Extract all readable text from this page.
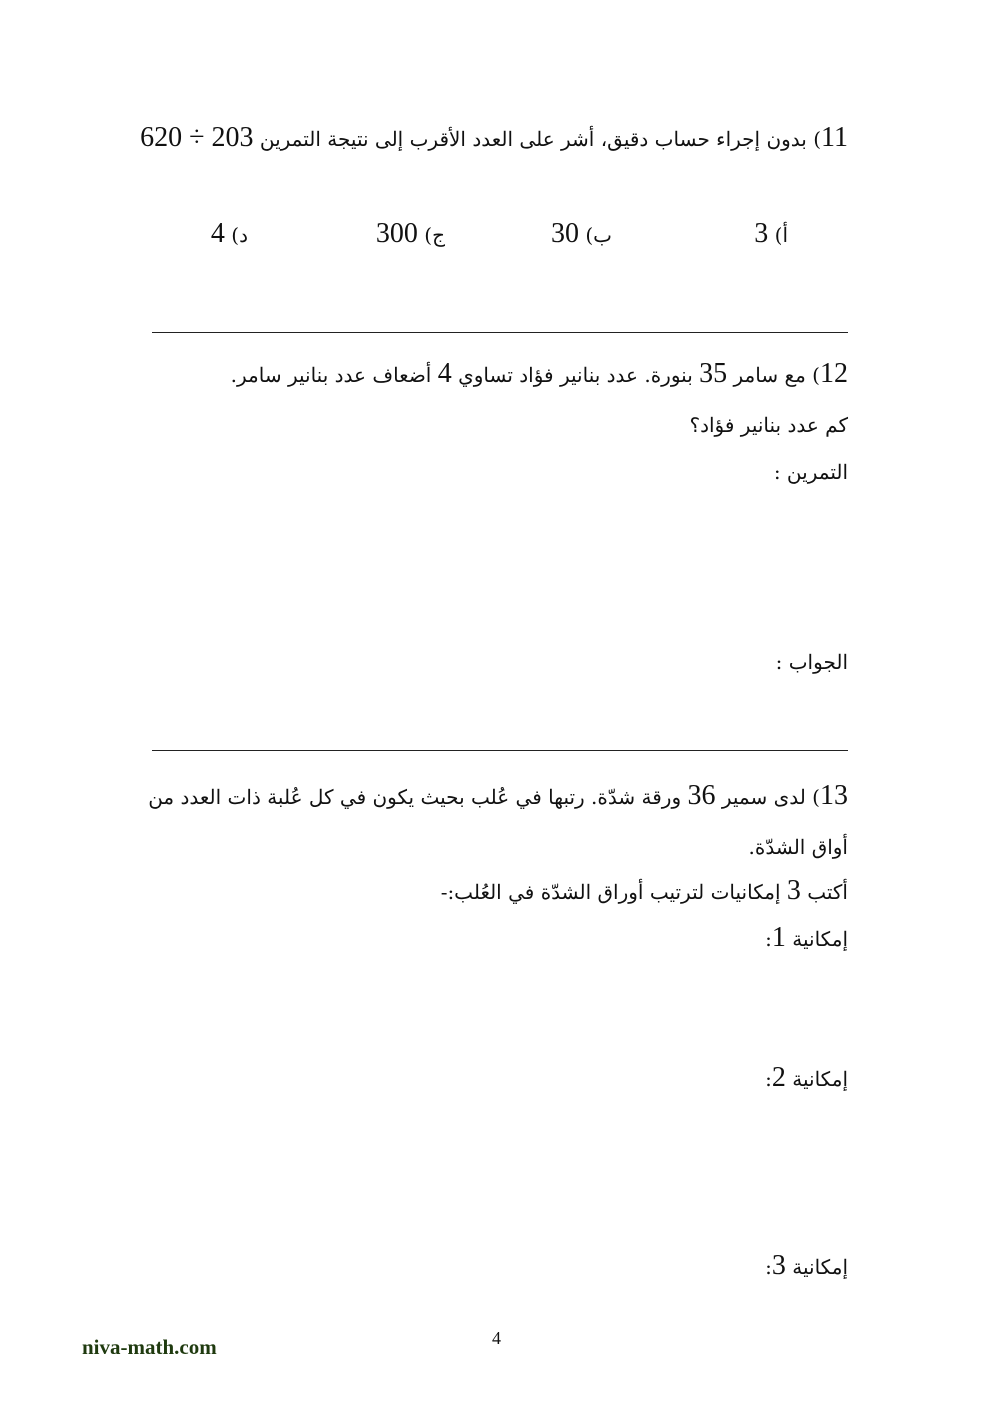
11) بدون إجراء حساب دقيق، أشر على العدد الأقرب إلى نتيجة التمرين 620 ÷ 203
أ) 3
ب) 30
ج) 300
د) 4
12) مع سامر 35 بنورة. عدد بنانير فؤاد تساوي 4 أضعاف عدد بنانير سامر.
كم عدد بنانير فؤاد؟
التمرين :
الجواب :
13) لدى سمير 36 ورقة شدّة. رتبها في عُلب بحيث يكون في كل عُلبة ذات العدد من
أواق الشدّة.
أكتب 3 إمكانيات لترتيب أوراق الشدّة في العُلب:-
إمكانية 1:
إمكانية 2:
إمكانية 3:
4
niva-math.com
